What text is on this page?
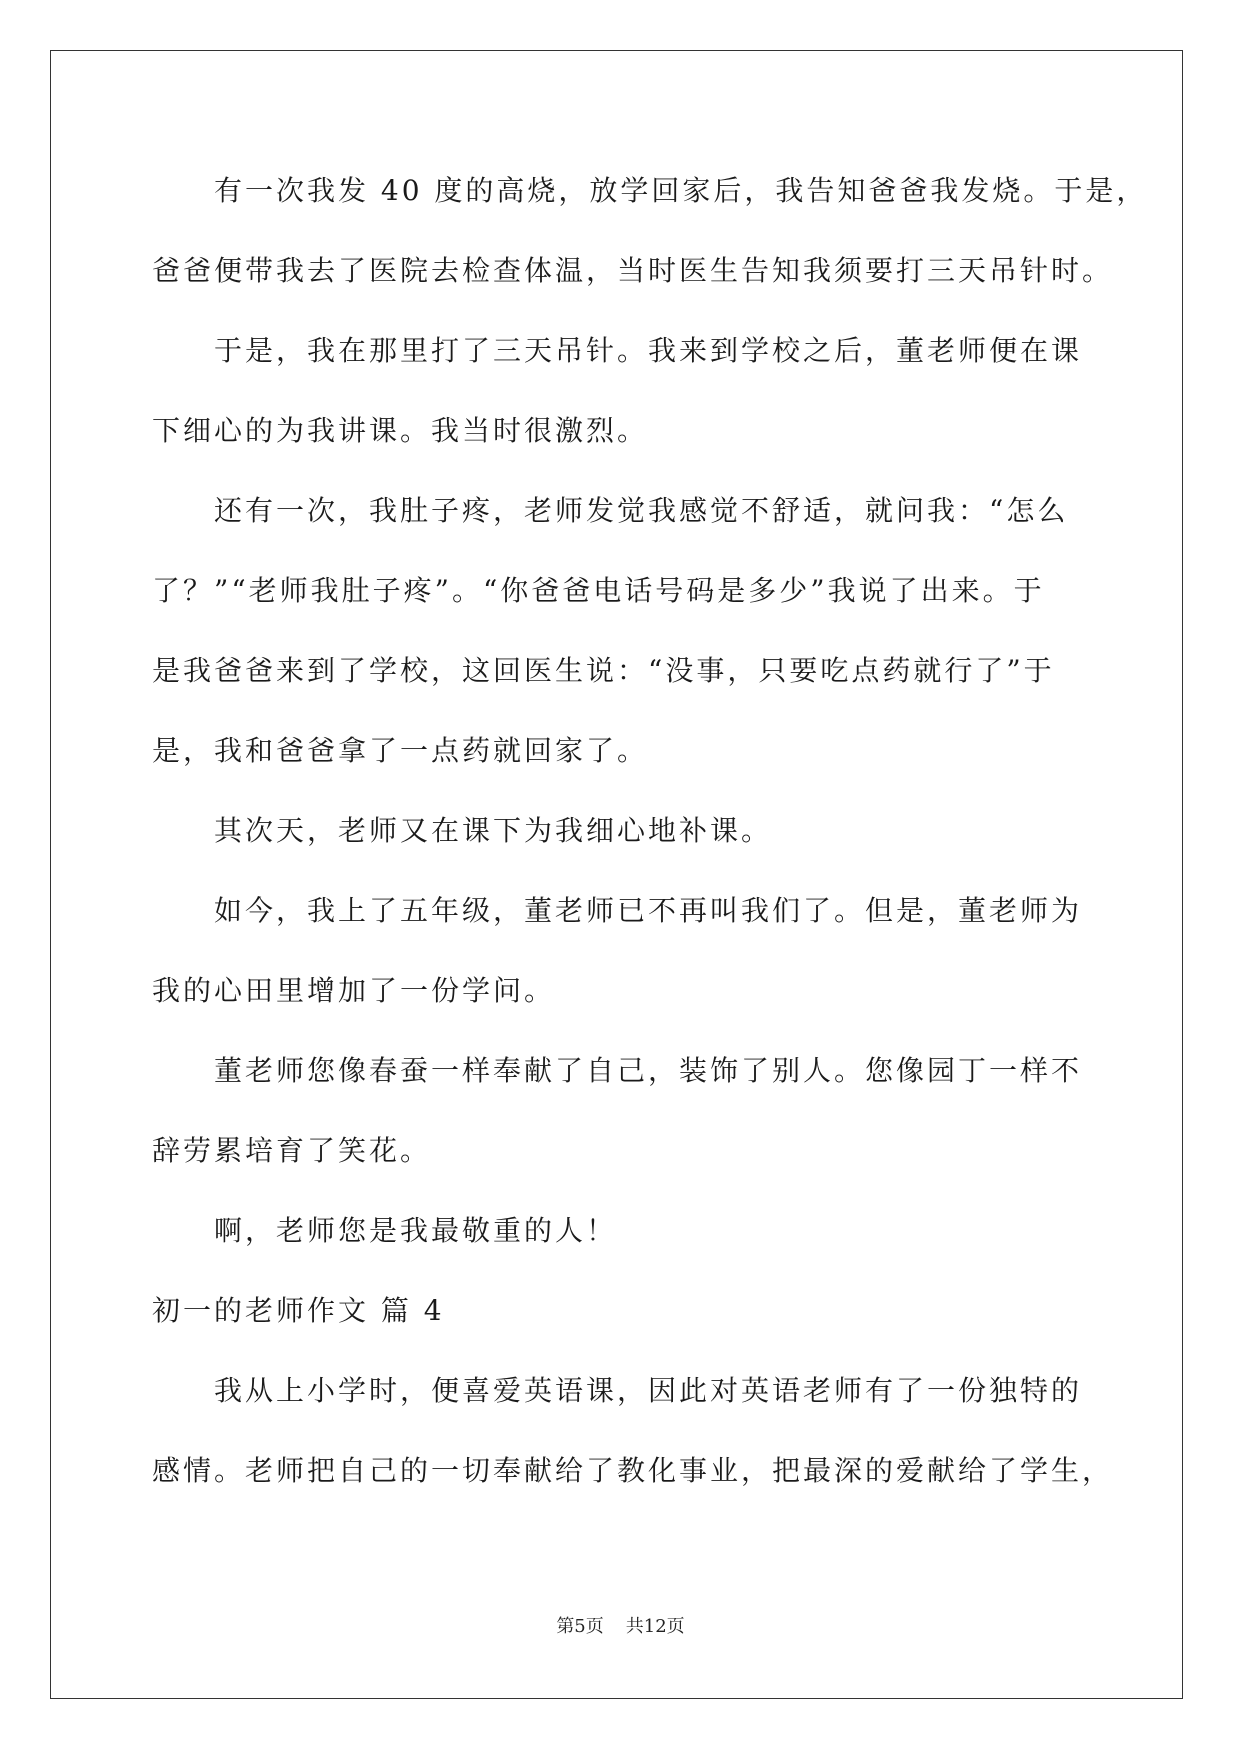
有一次我发 40 度的高烧，放学回家后，我告知爸爸我发烧。于是，
爸爸便带我去了医院去检查体温，当时医生告知我须要打三天吊针时。
于是，我在那里打了三天吊针。我来到学校之后，董老师便在课
下细心的为我讲课。我当时很激烈。
还有一次，我肚子疼，老师发觉我感觉不舒适，就问我：“怎么
了？”“老师我肚子疼”。“你爸爸电话号码是多少”我说了出来。于
是我爸爸来到了学校，这回医生说：“没事，只要吃点药就行了”于
是，我和爸爸拿了一点药就回家了。
其次天，老师又在课下为我细心地补课。
如今，我上了五年级，董老师已不再叫我们了。但是，董老师为
我的心田里增加了一份学问。
董老师您像春蚕一样奉献了自己，装饰了别人。您像园丁一样不
辞劳累培育了笑花。
啊，老师您是我最敬重的人！
初一的老师作文 篇 4
我从上小学时，便喜爱英语课，因此对英语老师有了一份独特的
感情。老师把自己的一切奉献给了教化事业，把最深的爱献给了学生，
第5页 共12页
